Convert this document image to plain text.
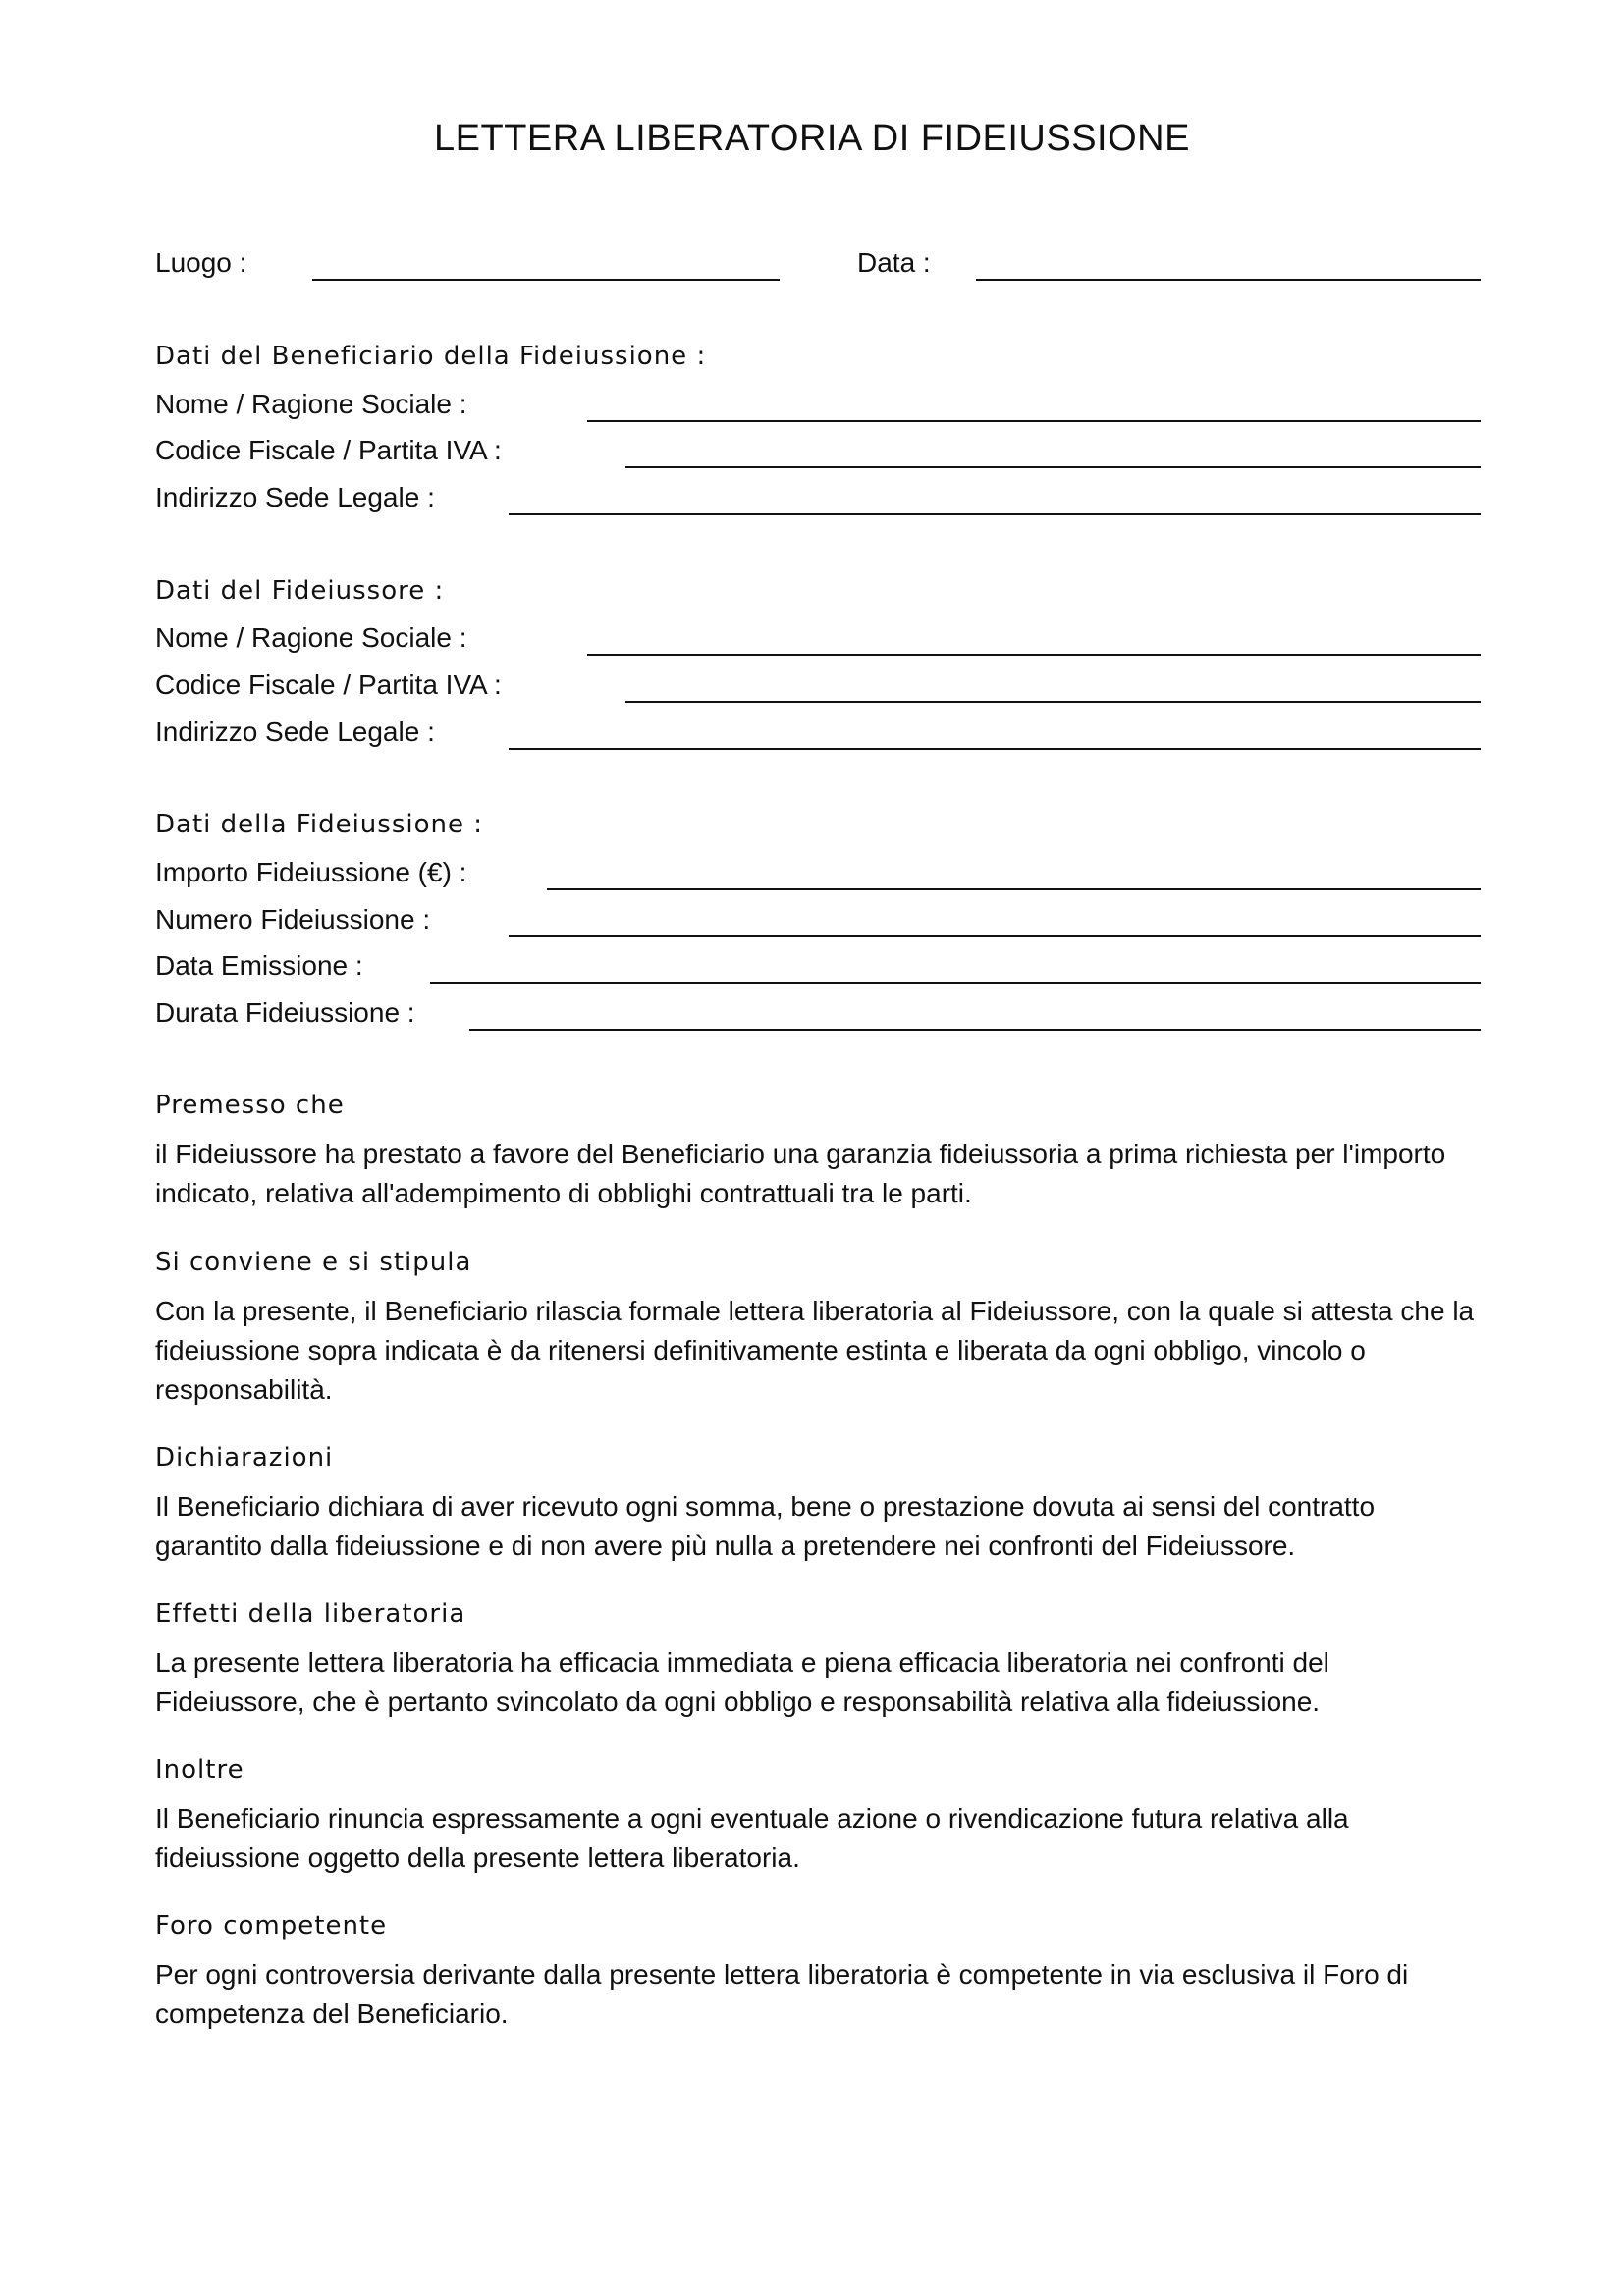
LETTERA LIBERATORIA DI FIDEIUSSIONE
Luogo :	Data :
Dati del Beneficiario della Fideiussione :
Nome / Ragione Sociale :
Codice Fiscale / Partita IVA :
Indirizzo Sede Legale :
Dati del Fideiussore :
Nome / Ragione Sociale :
Codice Fiscale / Partita IVA :
Indirizzo Sede Legale :
Dati della Fideiussione :
Importo Fideiussione (€) :
Numero Fideiussione :
Data Emissione :
Durata Fideiussione :
Premesso che
il Fideiussore ha prestato a favore del Beneficiario una garanzia fideiussoria a prima richiesta per l'importo indicato, relativa all'adempimento di obblighi contrattuali tra le parti.
Si conviene e si stipula
Con la presente, il Beneficiario rilascia formale lettera liberatoria al Fideiussore, con la quale si attesta che la fideiussione sopra indicata è da ritenersi definitivamente estinta e liberata da ogni obbligo, vincolo o responsabilità.
Dichiarazioni
Il Beneficiario dichiara di aver ricevuto ogni somma, bene o prestazione dovuta ai sensi del contratto garantito dalla fideiussione e di non avere più nulla a pretendere nei confronti del Fideiussore.
Effetti della liberatoria
La presente lettera liberatoria ha efficacia immediata e piena efficacia liberatoria nei confronti del Fideiussore, che è pertanto svincolato da ogni obbligo e responsabilità relativa alla fideiussione.
Inoltre
Il Beneficiario rinuncia espressamente a ogni eventuale azione o rivendicazione futura relativa alla fideiussione oggetto della presente lettera liberatoria.
Foro competente
Per ogni controversia derivante dalla presente lettera liberatoria è competente in via esclusiva il Foro di competenza del Beneficiario.
